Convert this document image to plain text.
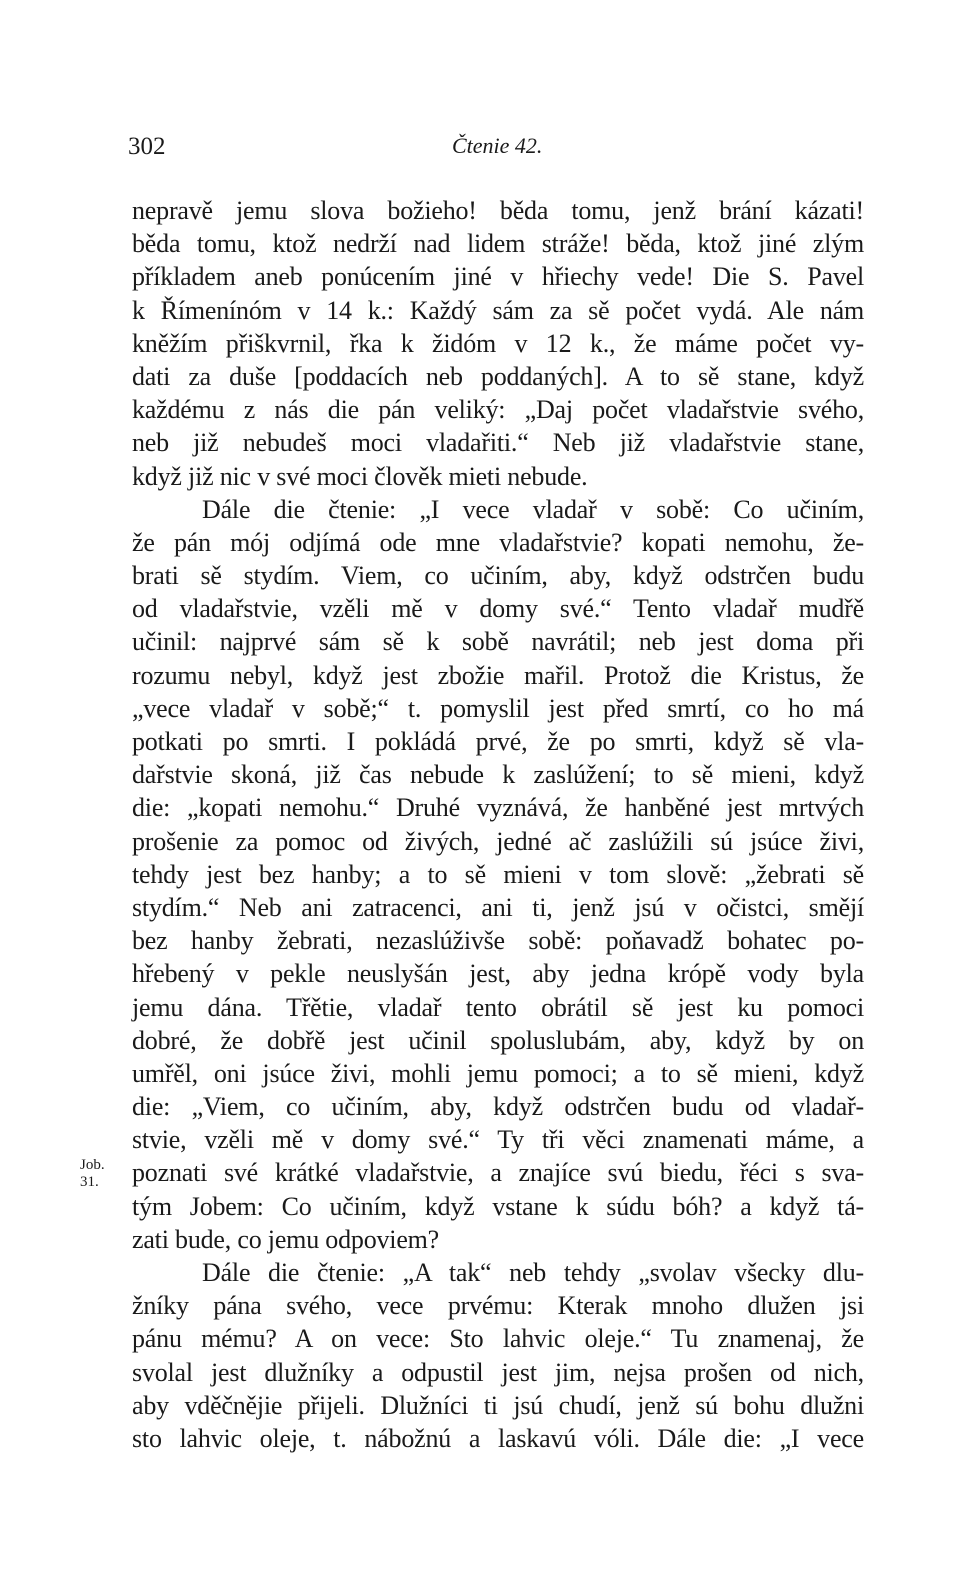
302	Čtenie 42.
Job.
31.
nepravě jemu slova božieho! běda tomu, jenž brání kázati!
běda tomu, ktož nedrží nad lidem stráže! běda, ktož jiné zlým
příkladem aneb ponúcením jiné v hřiechy vede! Die S. Pavel
k Římenínóm v 14 k.: Každý sám za sě počet vydá. Ale nám
kněžím přiškvrnil, řka k židóm v 12 k., že máme počet vy-
dati za duše [poddacích neb poddaných]. A to sě stane, když
každému z nás die pán veliký: „Daj počet vladařstvie svého,
neb již nebudeš moci vladařiti.“ Neb již vladařstvie stane,
když již nic v své moci člověk mieti nebude.
Dále die čtenie: „I vece vladař v sobě: Co učiním,
že pán mój odjímá ode mne vladařstvie? kopati nemohu, že-
brati sě stydím. Viem, co učiním, aby, když odstrčen budu
od vladařstvie, vzěli mě v domy své.“ Tento vladař mudřě
učinil: najprvé sám sě k sobě navrátil; neb jest doma při
rozumu nebyl, když jest zbožie mařil. Protož die Kristus, že
„vece vladař v sobě;“ t. pomyslil jest před smrtí, co ho má
potkati po smrti. I pokládá prvé, že po smrti, když sě vla-
dařstvie skoná, již čas nebude k zaslúžení; to sě mieni, když
die: „kopati nemohu.“ Druhé vyznává, že hanběné jest mrtvých
prošenie za pomoc od živých, jedné ač zaslúžili sú jsúce živi,
tehdy jest bez hanby; a to sě mieni v tom slově: „žebrati sě
stydím.“ Neb ani zatracenci, ani ti, jenž jsú v očistci, smějí
bez hanby žebrati, nezaslúživše sobě: poňavadž bohatec po-
hřebený v pekle neuslyšán jest, aby jedna krópě vody byla
jemu dána. Třětie, vladař tento obrátil sě jest ku pomoci
dobré, že dobřě jest učinil spoluslubám, aby, když by on
umřěl, oni jsúce živi, mohli jemu pomoci; a to sě mieni, když
die: „Viem, co učiním, aby, když odstrčen budu od vladař-
stvie, vzěli mě v domy své.“ Ty tři věci znamenati máme, a
poznati své krátké vladařstvie, a znajíce svú biedu, řéci s sva-
tým Jobem: Co učiním, když vstane k súdu bóh? a když tá-
zati bude, co jemu odpoviem?
Dále die čtenie: „A tak“ neb tehdy „svolav všecky dlu-
žníky pána svého, vece prvému: Kterak mnoho dlužen jsi
pánu mému? A on vece: Sto lahvic oleje.“ Tu znamenaj, že
svolal jest dlužníky a odpustil jest jim, nejsa prošen od nich,
aby vděčnějie přijeli. Dlužníci ti jsú chudí, jenž sú bohu dlužni
sto lahvic oleje, t. nábožnú a laskavú vóli. Dále die: „I vece
